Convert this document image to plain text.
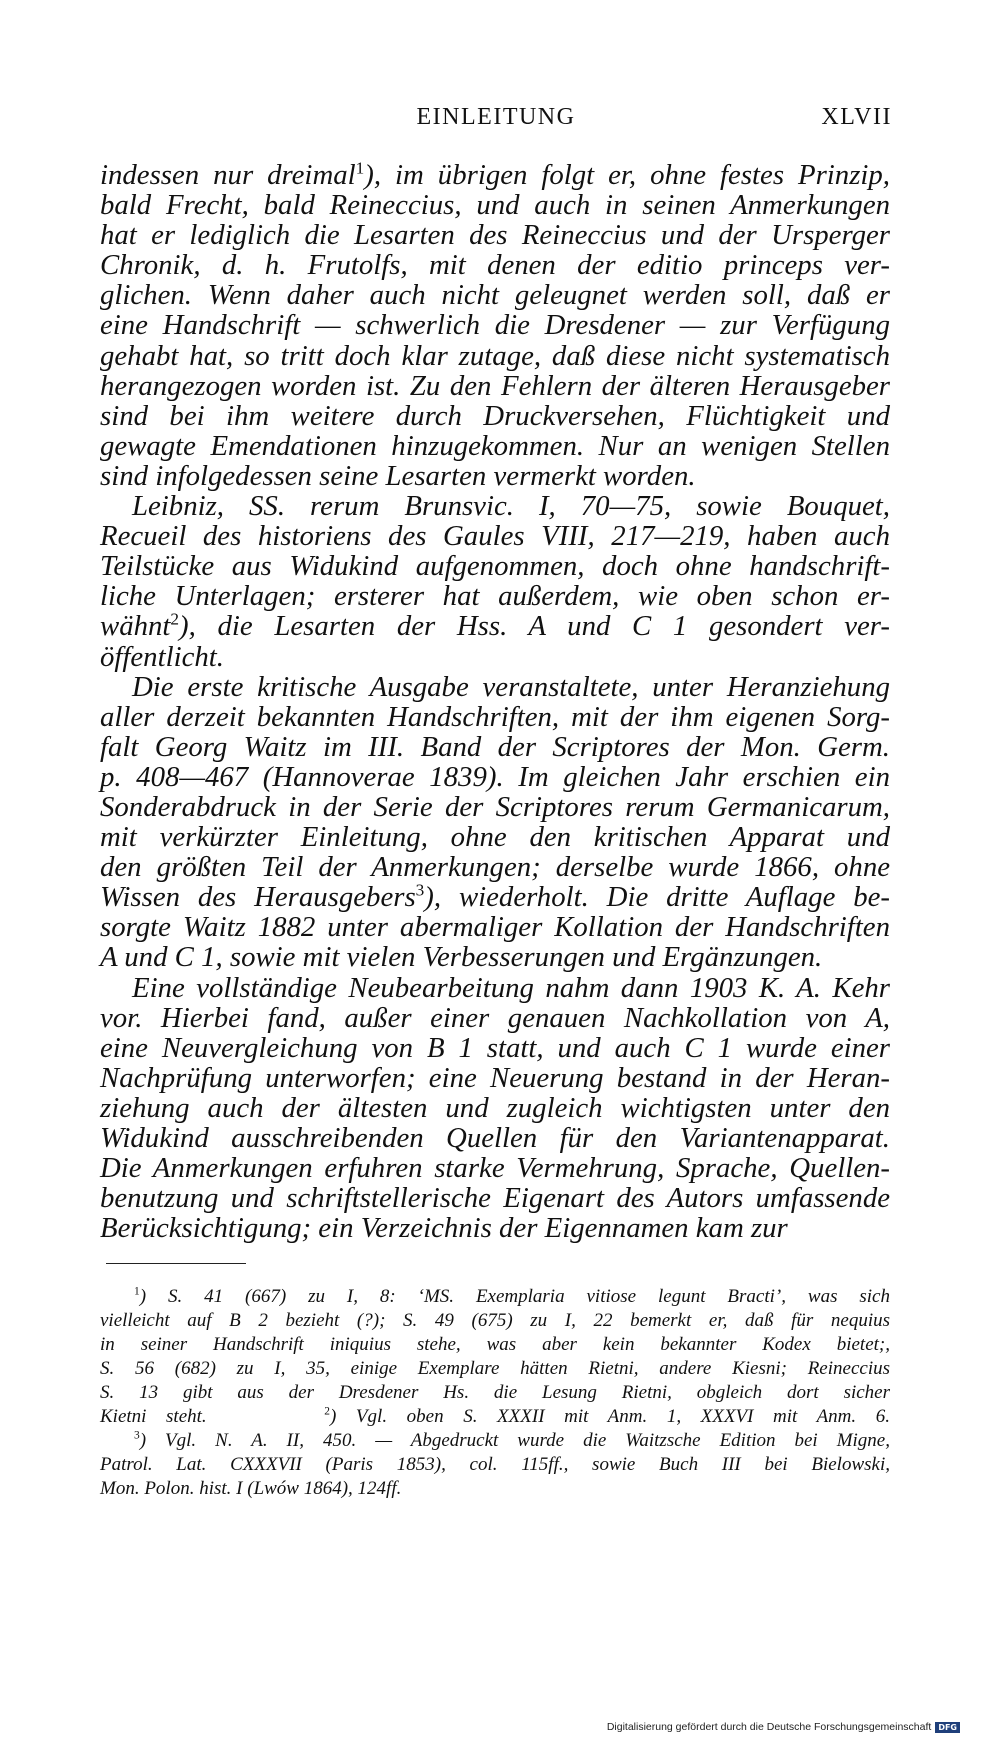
EINLEITUNG	XLVII
indessen nur dreimal$^1$), im übrigen folgt er, ohne festes Prinzip,
bald Frecht, bald Reineccius, und auch in seinen Anmerkungen
hat er lediglich die Lesarten des Reineccius und der Ursperger
Chronik, d. h. Frutolfs, mit denen der editio princeps ver-
glichen. Wenn daher auch nicht geleugnet werden soll, daß er
eine Handschrift — schwerlich die Dresdener — zur Verfügung
gehabt hat, so tritt doch klar zutage, daß diese nicht systematisch
herangezogen worden ist. Zu den Fehlern der älteren Herausgeber
sind bei ihm weitere durch Druckversehen, Flüchtigkeit und
gewagte Emendationen hinzugekommen. Nur an wenigen Stellen
sind infolgedessen seine Lesarten vermerkt worden.
Leibniz, SS. rerum Brunsvic. I, 70—75, sowie Bouquet,
Recueil des historiens des Gaules VIII, 217—219, haben auch
Teilstücke aus Widukind aufgenommen, doch ohne handschrift-
liche Unterlagen; ersterer hat außerdem, wie oben schon er-
wähnt$^2$), die Lesarten der Hss. A und C 1 gesondert ver-
öffentlicht.
Die erste kritische Ausgabe veranstaltete, unter Heranziehung
aller derzeit bekannten Handschriften, mit der ihm eigenen Sorg-
falt Georg Waitz im III. Band der Scriptores der Mon. Germ.
p. 408—467 (Hannoverae 1839). Im gleichen Jahr erschien ein
Sonderabdruck in der Serie der Scriptores rerum Germanicarum,
mit verkürzter Einleitung, ohne den kritischen Apparat und
den größten Teil der Anmerkungen; derselbe wurde 1866, ohne
Wissen des Herausgebers$^3$), wiederholt. Die dritte Auflage be-
sorgte Waitz 1882 unter abermaliger Kollation der Handschriften
A und C 1, sowie mit vielen Verbesserungen und Ergänzungen.
Eine vollständige Neubearbeitung nahm dann 1903 K. A. Kehr
vor. Hierbei fand, außer einer genauen Nachkollation von A,
eine Neuvergleichung von B 1 statt, und auch C 1 wurde einer
Nachprüfung unterworfen; eine Neuerung bestand in der Heran-
ziehung auch der ältesten und zugleich wichtigsten unter den
Widukind ausschreibenden Quellen für den Variantenapparat.
Die Anmerkungen erfuhren starke Vermehrung, Sprache, Quellen-
benutzung und schriftstellerische Eigenart des Autors umfassende
Berücksichtigung; ein Verzeichnis der Eigennamen kam zur
$^1$) S. 41 (667) zu I, 8: ‘MS. Exemplaria vitiose legunt Bracti’, was sich
vielleicht auf B 2 bezieht (?); S. 49 (675) zu I, 22 bemerkt er, daß für nequius
in seiner Handschrift iniquius stehe, was aber kein bekannter Kodex bietet;,
S. 56 (682) zu I, 35, einige Exemplare hätten Rietni, andere Kiesni; Reineccius
S. 13 gibt aus der Dresdener Hs. die Lesung Rietni, obgleich dort sicher
Kietni steht.      $^2$) Vgl. oben S. XXXII mit Anm. 1, XXXVI mit Anm. 6.
$^3$) Vgl. N. A. II, 450. — Abgedruckt wurde die Waitzsche Edition bei Migne,
Patrol. Lat. CXXXVII (Paris 1853), col. 115ff., sowie Buch III bei Bielowski,
Mon. Polon. hist. I (Lwów 1864), 124ff.
Digitalisierung gefördert durch die Deutsche Forschungsgemeinschaft DFG
